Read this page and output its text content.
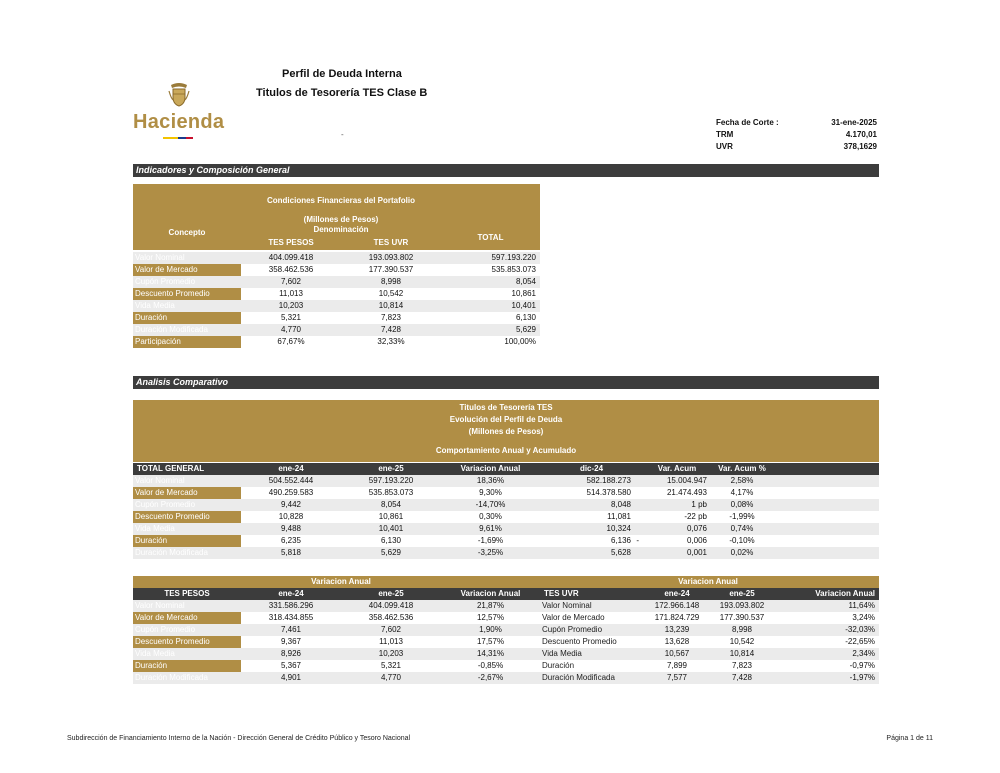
Hacienda
Perfil de Deuda Interna
Titulos de Tesorería TES Clase B
-
Fecha de Corte :	31-ene-2025
TRM	4.170,01
UVR	378,1629
Indicadores y Composición General
Condiciones Financieras del Portafolio
(Millones de Pesos)
Denominación
Concepto
TES PESOS	TES UVR
TOTAL
Valor Nominal	404.099.418	193.093.802	597.193.220
Valor de Mercado	358.462.536	177.390.537	535.853.073
Cupón Promedio	7,602	8,998	8,054
Descuento Promedio	11,013	10,542	10,861
Vida Media	10,203	10,814	10,401
Duración	5,321	7,823	6,130
Duración Modificada	4,770	7,428	5,629
Participación	67,67%	32,33%	100,00%
Analisis Comparativo
Titulos de Tesorería TES
Evolución del Perfil de Deuda
(Millones de Pesos)
Comportamiento Anual y Acumulado
TOTAL GENERAL	ene-24	ene-25	Variacion Anual	dic-24	Var. Acum	Var. Acum %	
Valor Nominal	504.552.444	597.193.220	18,36%	582.188.273	15.004.947	2,58%	
Valor de Mercado	490.259.583	535.853.073	9,30%	514.378.580	21.474.493	4,17%	
Cupón Promedio	9,442	8,054	-14,70%	8,048	1 pb	0,08%	
Descuento Promedio	10,828	10,861	0,30%	11,081	-22 pb	-1,99%	
Vida Media	9,488	10,401	9,61%	10,324	0,076	0,74%	
Duración	6,235	6,130	-1,69%	6,136 -	0,006	-0,10%	
Duración Modificada	5,818	5,629	-3,25%	5,628	0,001	0,02%	
	Variacion Anual		
TES PESOS	ene-24	ene-25	Variacion Anual
Valor Nominal	331.586.296	404.099.418	21,87%
Valor de Mercado	318.434.855	358.462.536	12,57%
Cupón Promedio	7,461	7,602	1,90%
Descuento Promedio	9,367	11,013	17,57%
Vida Media	8,926	10,203	14,31%
Duración	5,367	5,321	-0,85%
Duración Modificada	4,901	4,770	-2,67%
	Variacion Anual		
TES UVR	ene-24	ene-25	Variacion Anual
Valor Nominal	172.966.148	193.093.802	11,64%
Valor de Mercado	171.824.729	177.390.537	3,24%
Cupón Promedio	13,239	8,998	-32,03%
Descuento Promedio	13,628	10,542	-22,65%
Vida Media	10,567	10,814	2,34%
Duración	7,899	7,823	-0,97%
Duración Modificada	7,577	7,428	-1,97%
Subdirección de Financiamiento Interno de la Nación - Dirección General de Crédito Público y Tesoro Nacional	Página 1 de 11
